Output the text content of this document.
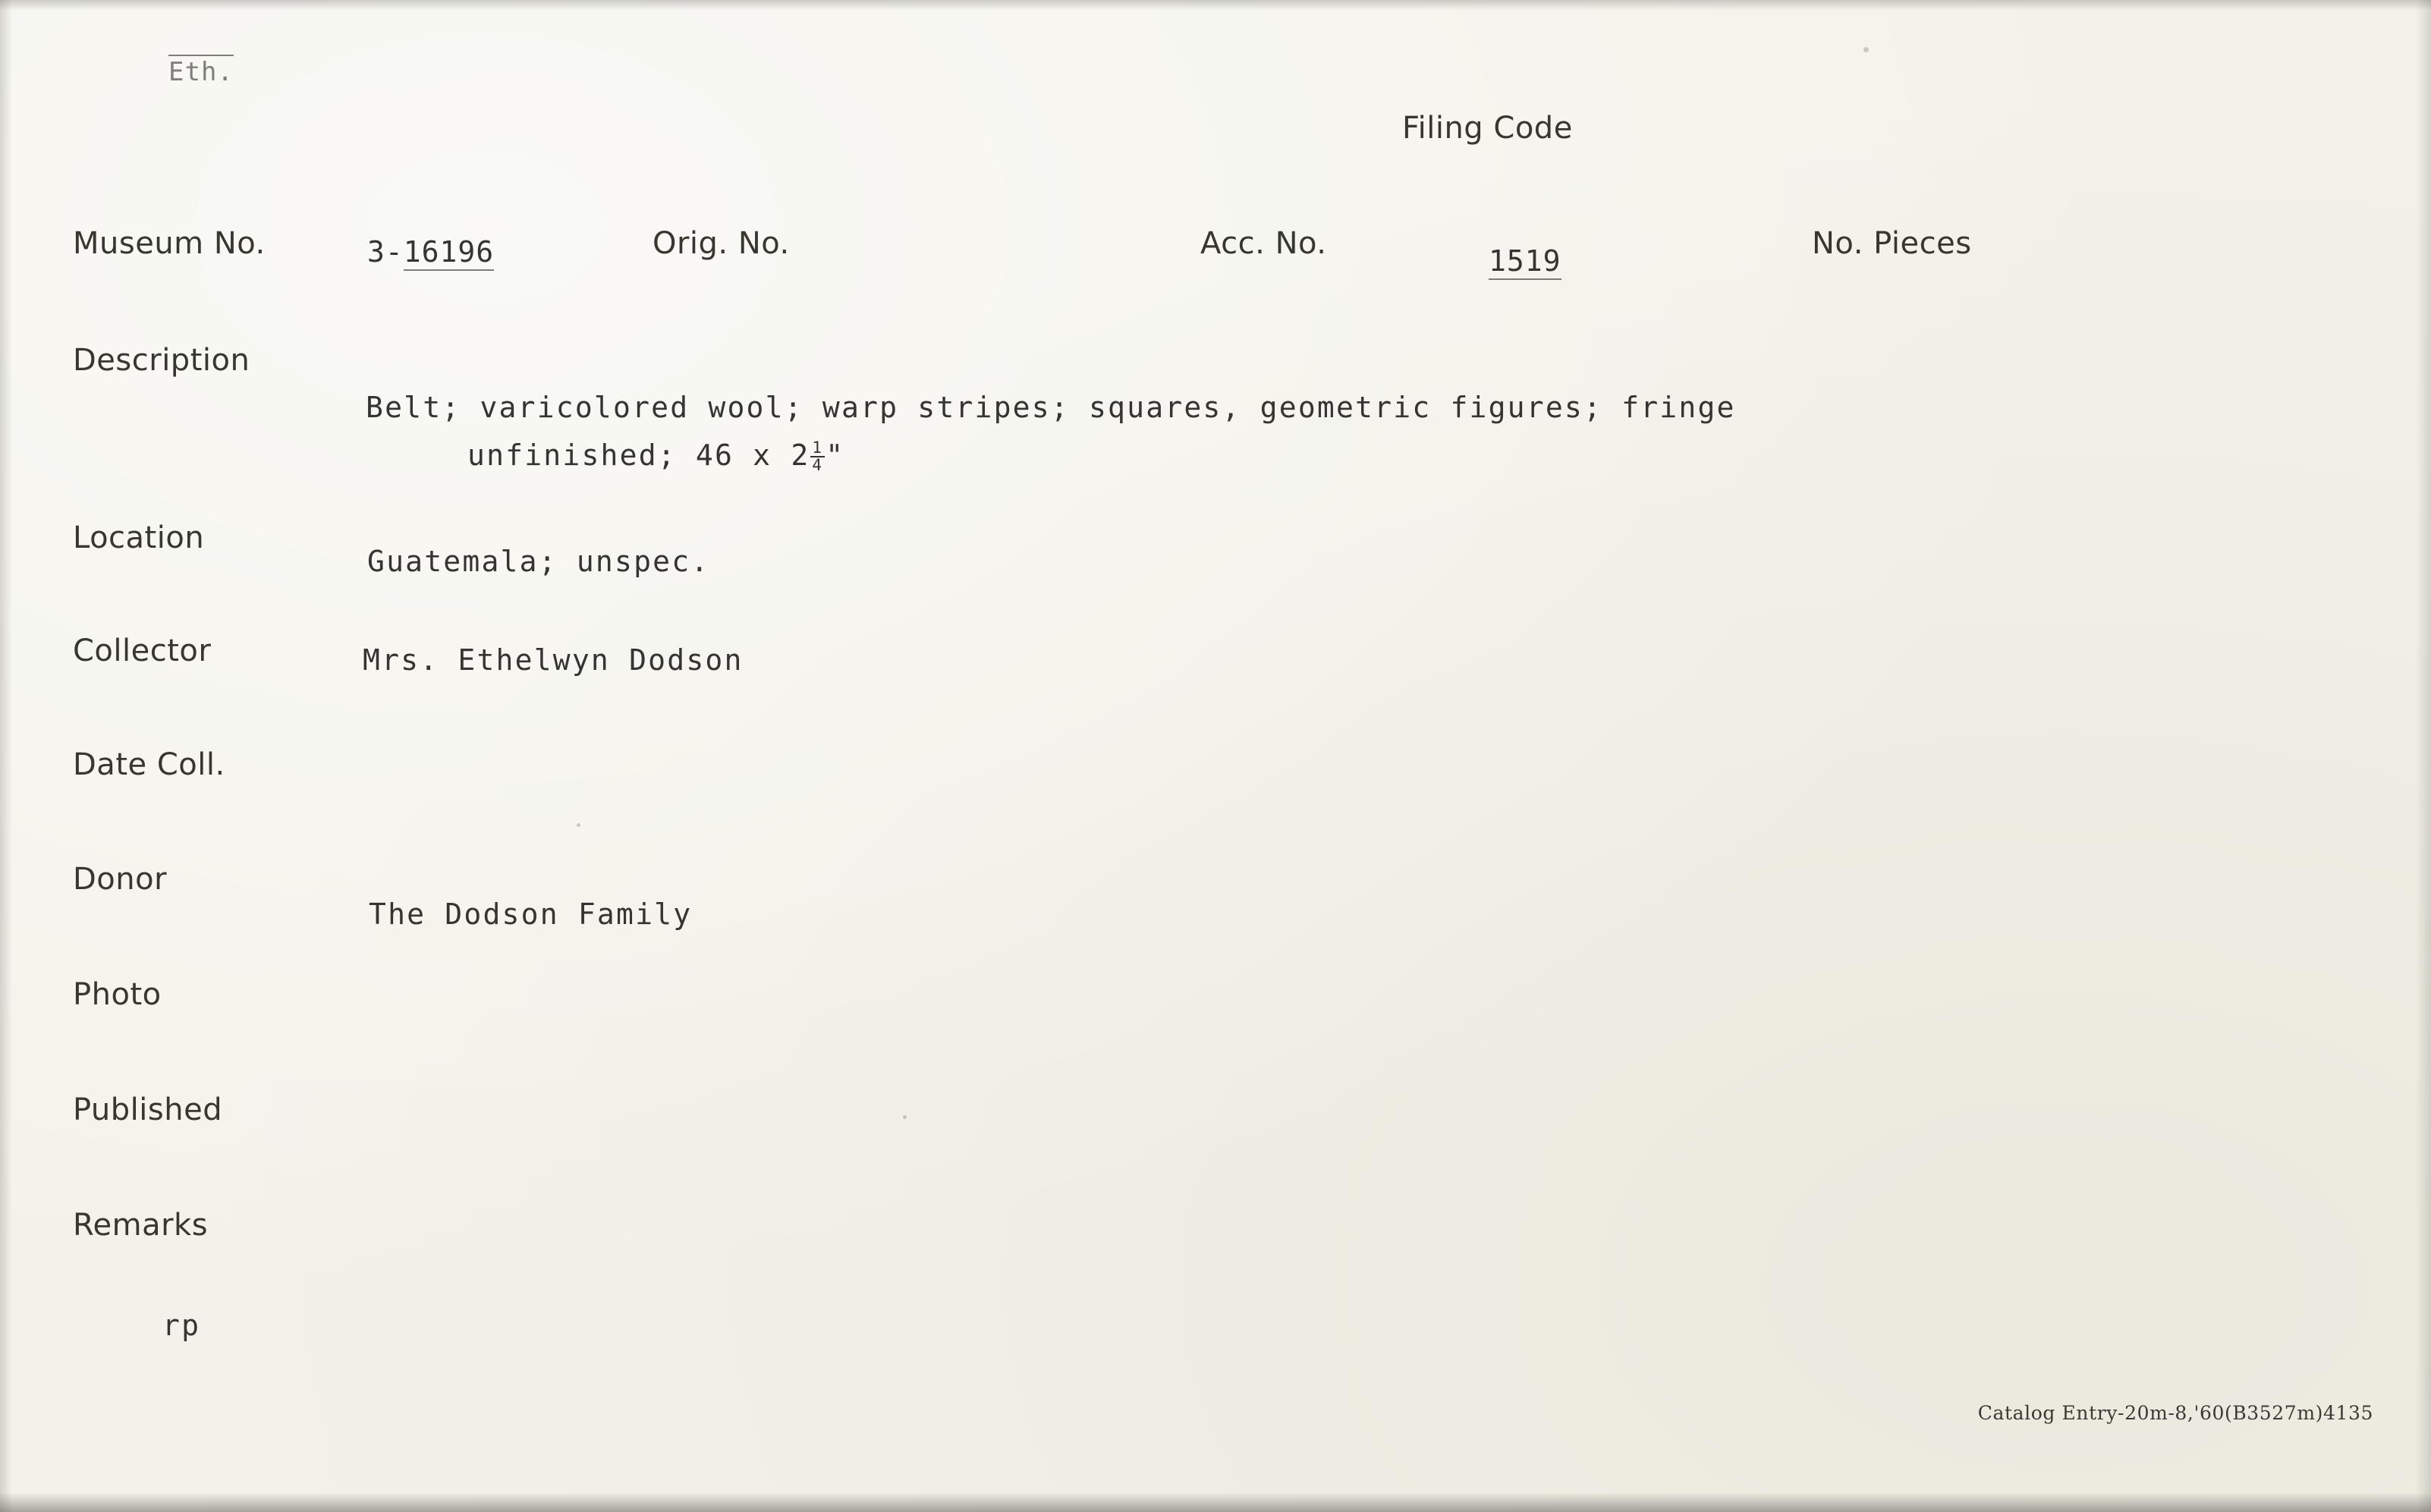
Eth.
Filing Code
Museum No.	3-16196	Orig. No.	Acc. No.	1519	No. Pieces
Description
Belt; varicolored wool; warp stripes; squares, geometric figures; fringe
unfinished; 46 x $2 \frac{1}{4}$ "
Location
Guatemala; unspec.
Collector	Mrs. Ethelwyn Dodson
Date Coll.
Donor
The Dodson Family
Photo
Published
Remarks
rp
Catalog Entry-20m-8,'60(B3527m)4135
